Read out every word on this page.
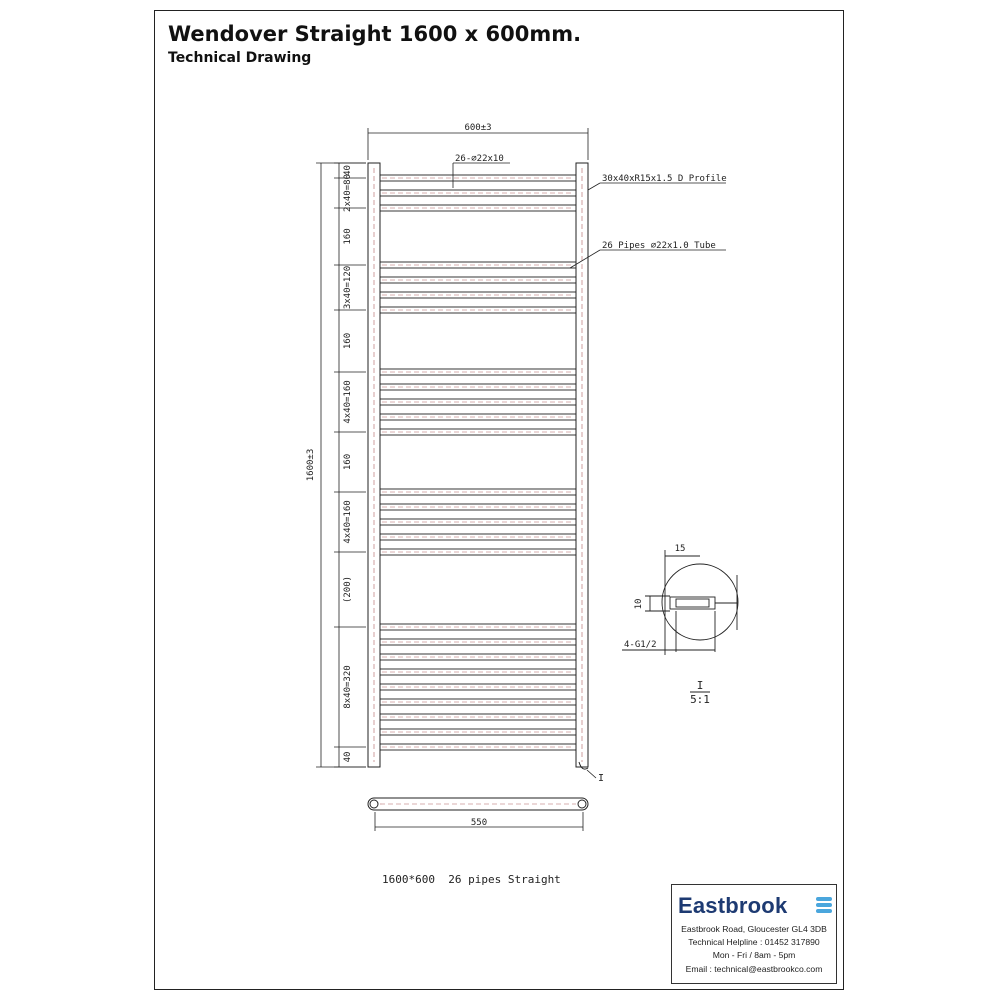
Wendover Straight 1600 x 600mm.
Technical Drawing
600±3
26-∅22x10
30x40xR15x1.5 D Profile
26 Pipes ∅22x1.0 Tube
1600±3
40
2x40=80
160
3x40=120
160
4x40=160
160
4x40=160
(200)
8x40=320
40
550
I
15
10
4-G1/2
I
5:1
1600*600  26 pipes Straight
Eastbrook
Eastbrook Road, Gloucester GL4 3DB
Technical Helpline : 01452 317890
Mon - Fri / 8am - 5pm
Email : technical@eastbrookco.com
